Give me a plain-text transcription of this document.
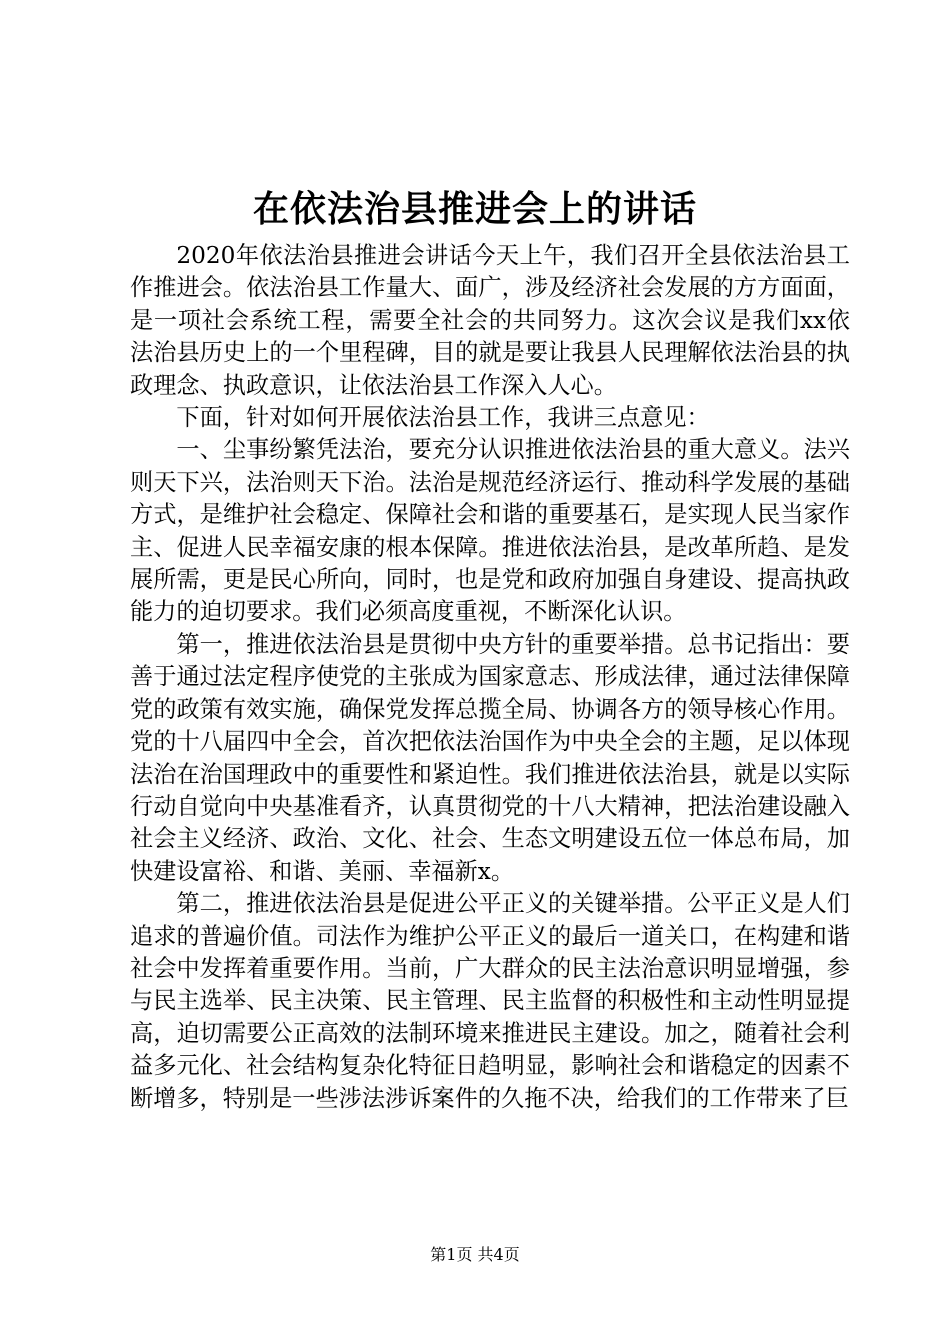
在依法治县推进会上的讲话

2020年依法治县推进会讲话今天上午，我们召开全县依法治县工作推进会。依法治县工作量大、面广，涉及经济社会发展的方方面面，是一项社会系统工程，需要全社会的共同努力。这次会议是我们xx依法治县历史上的一个里程碑，目的就是要让我县人民理解依法治县的执政理念、执政意识，让依法治县工作深入人心。

下面，针对如何开展依法治县工作，我讲三点意见：

一、尘事纷繁凭法治，要充分认识推进依法治县的重大意义。法兴则天下兴，法治则天下治。法治是规范经济运行、推动科学发展的基础方式，是维护社会稳定、保障社会和谐的重要基石，是实现人民当家作主、促进人民幸福安康的根本保障。推进依法治县，是改革所趋、是发展所需，更是民心所向，同时，也是党和政府加强自身建设、提高执政能力的迫切要求。我们必须高度重视，不断深化认识。

第一，推进依法治县是贯彻中央方针的重要举措。总书记指出：要善于通过法定程序使党的主张成为国家意志、形成法律，通过法律保障党的政策有效实施，确保党发挥总揽全局、协调各方的领导核心作用。党的十八届四中全会，首次把依法治国作为中央全会的主题，足以体现法治在治国理政中的重要性和紧迫性。我们推进依法治县，就是以实际行动自觉向中央基准看齐，认真贯彻党的十八大精神，把法治建设融入社会主义经济、政治、文化、社会、生态文明建设五位一体总布局，加快建设富裕、和谐、美丽、幸福新x。

第二，推进依法治县是促进公平正义的关键举措。公平正义是人们追求的普遍价值。司法作为维护公平正义的最后一道关口，在构建和谐社会中发挥着重要作用。当前，广大群众的民主法治意识明显增强，参与民主选举、民主决策、民主管理、民主监督的积极性和主动性明显提高，迫切需要公正高效的法制环境来推进民主建设。加之，随着社会利益多元化、社会结构复杂化特征日趋明显，影响社会和谐稳定的因素不断增多，特别是一些涉法涉诉案件的久拖不决，给我们的工作带来了巨

第1页 共4页
